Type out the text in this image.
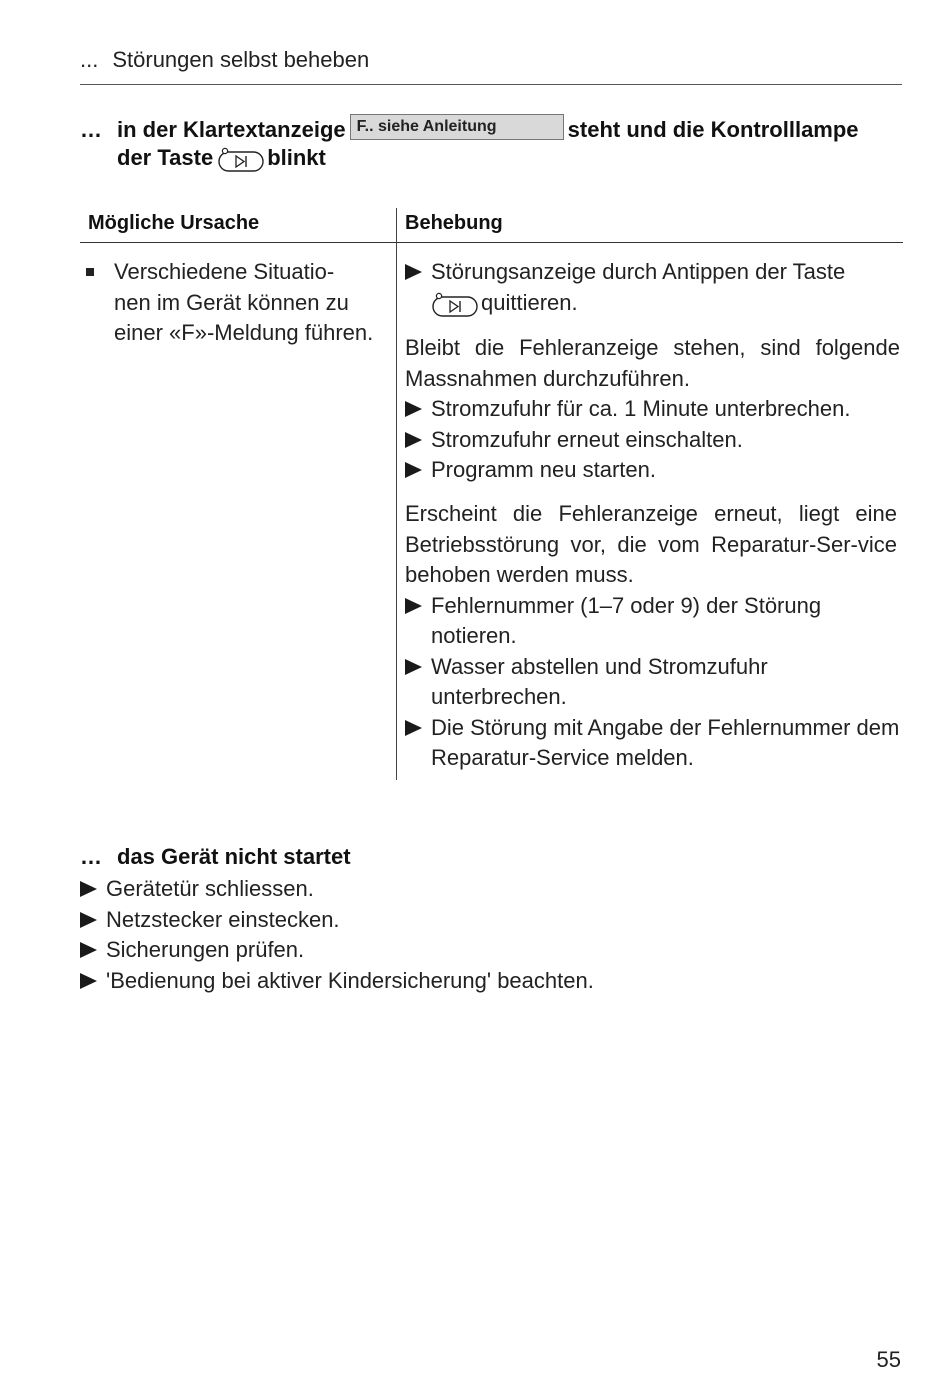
... Störungen selbst beheben
… in der Klartextanzeige F.. siehe Anleitung	steht und die Kontrolllampe
der Taste blinkt
Mögliche Ursache	Behebung
Verschiedene Situatio-
nen im Gerät können zu
einer «F»-Meldung führen.
Störungsanzeige durch Antippen der Taste
quittieren.
Bleibt die Fehleranzeige stehen, sind folgende Massnahmen durchzuführen.
Stromzufuhr für ca. 1 Minute unterbrechen.
Stromzufuhr erneut einschalten.
Programm neu starten.
Erscheint die Fehleranzeige erneut, liegt eine Betriebsstörung vor, die vom Reparatur-Ser-vice behoben werden muss.
Fehlernummer (1–7 oder 9) der Störung notieren.
Wasser abstellen und Stromzufuhr unterbrechen.
Die Störung mit Angabe der Fehlernummer dem Reparatur-Service melden.
… das Gerät nicht startet
Gerätetür schliessen.
Netzstecker einstecken.
Sicherungen prüfen.
'Bedienung bei aktiver Kindersicherung' beachten.
55
